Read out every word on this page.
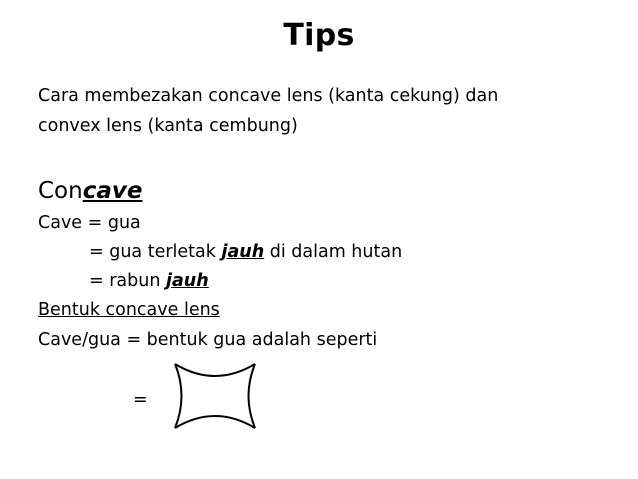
Tips
Cara membezakan concave lens (kanta cekung) dan
convex lens (kanta cembung)
Concave
Cave = gua
= gua terletak jauh di dalam hutan
= rabun jauh
Bentuk concave lens
Cave/gua = bentuk gua adalah seperti
=
